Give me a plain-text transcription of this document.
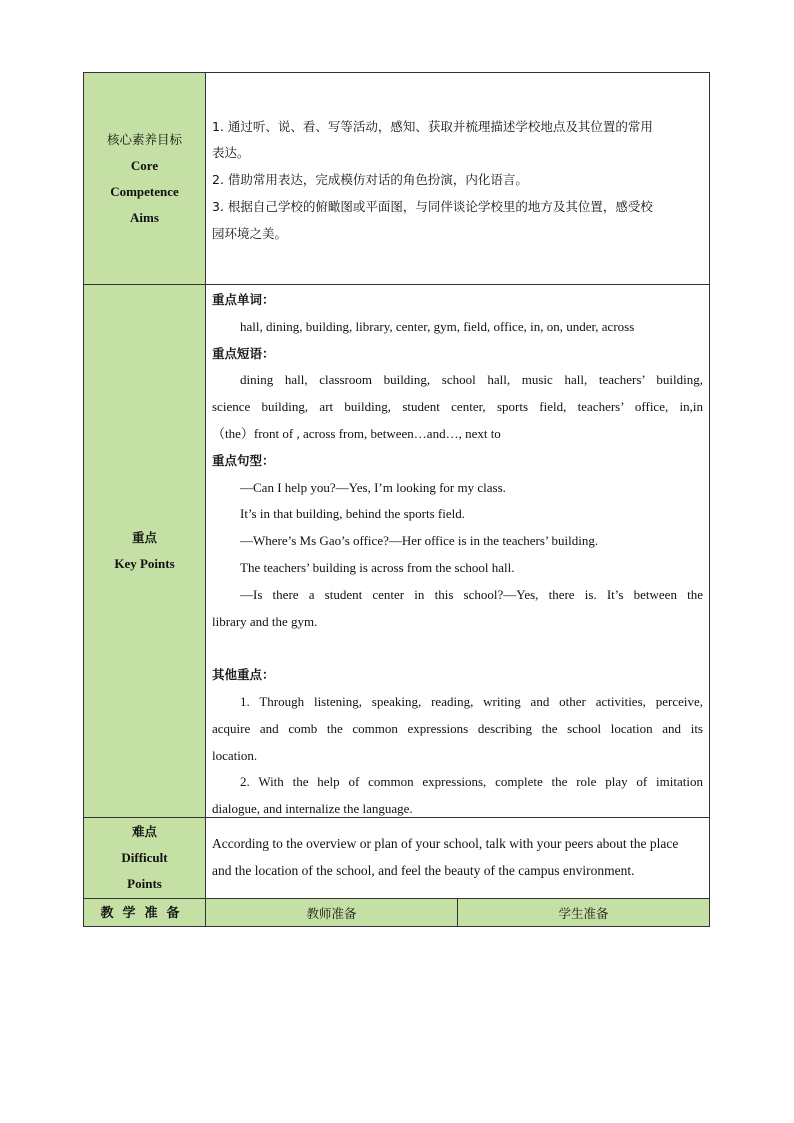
核心素养目标
Core
Competence
Aims
1. 通过听、说、看、写等活动，感知、获取并梳理描述学校地点及其位置的常用
表达。
2. 借助常用表达，完成模仿对话的角色扮演，内化语言。
3. 根据自己学校的俯瞰图或平面图，与同伴谈论学校里的地方及其位置，感受校
园环境之美。
重点
Key Points
重点单词：
hall, dining, building, library, center, gym, field, office, in, on, under, across
重点短语：
dining hall, classroom building, school hall, music hall, teachers’ building,
science building, art building, student center, sports field, teachers’ office, in,in
（the）front of , across from, between…and…, next to
重点句型：
—Can I help you?—Yes, I’m looking for my class.
It’s in that building, behind the sports field.
—Where’s Ms Gao’s office?—Her office is in the teachers’ building.
The teachers’ building is across from the school hall.
—Is there a student center in this school?—Yes, there is. It’s between the
library and the gym.
其他重点：
1. Through listening, speaking, reading, writing and other activities, perceive,
acquire and comb the common expressions describing the school location and its
location.
2. With the help of common expressions, complete the role play of imitation
dialogue, and internalize the language.
难点
Difficult
Points
According to the overview or plan of your school, talk with your peers about the place
and the location of the school, and feel the beauty of the campus environment.
教学准备	教师准备	学生准备
